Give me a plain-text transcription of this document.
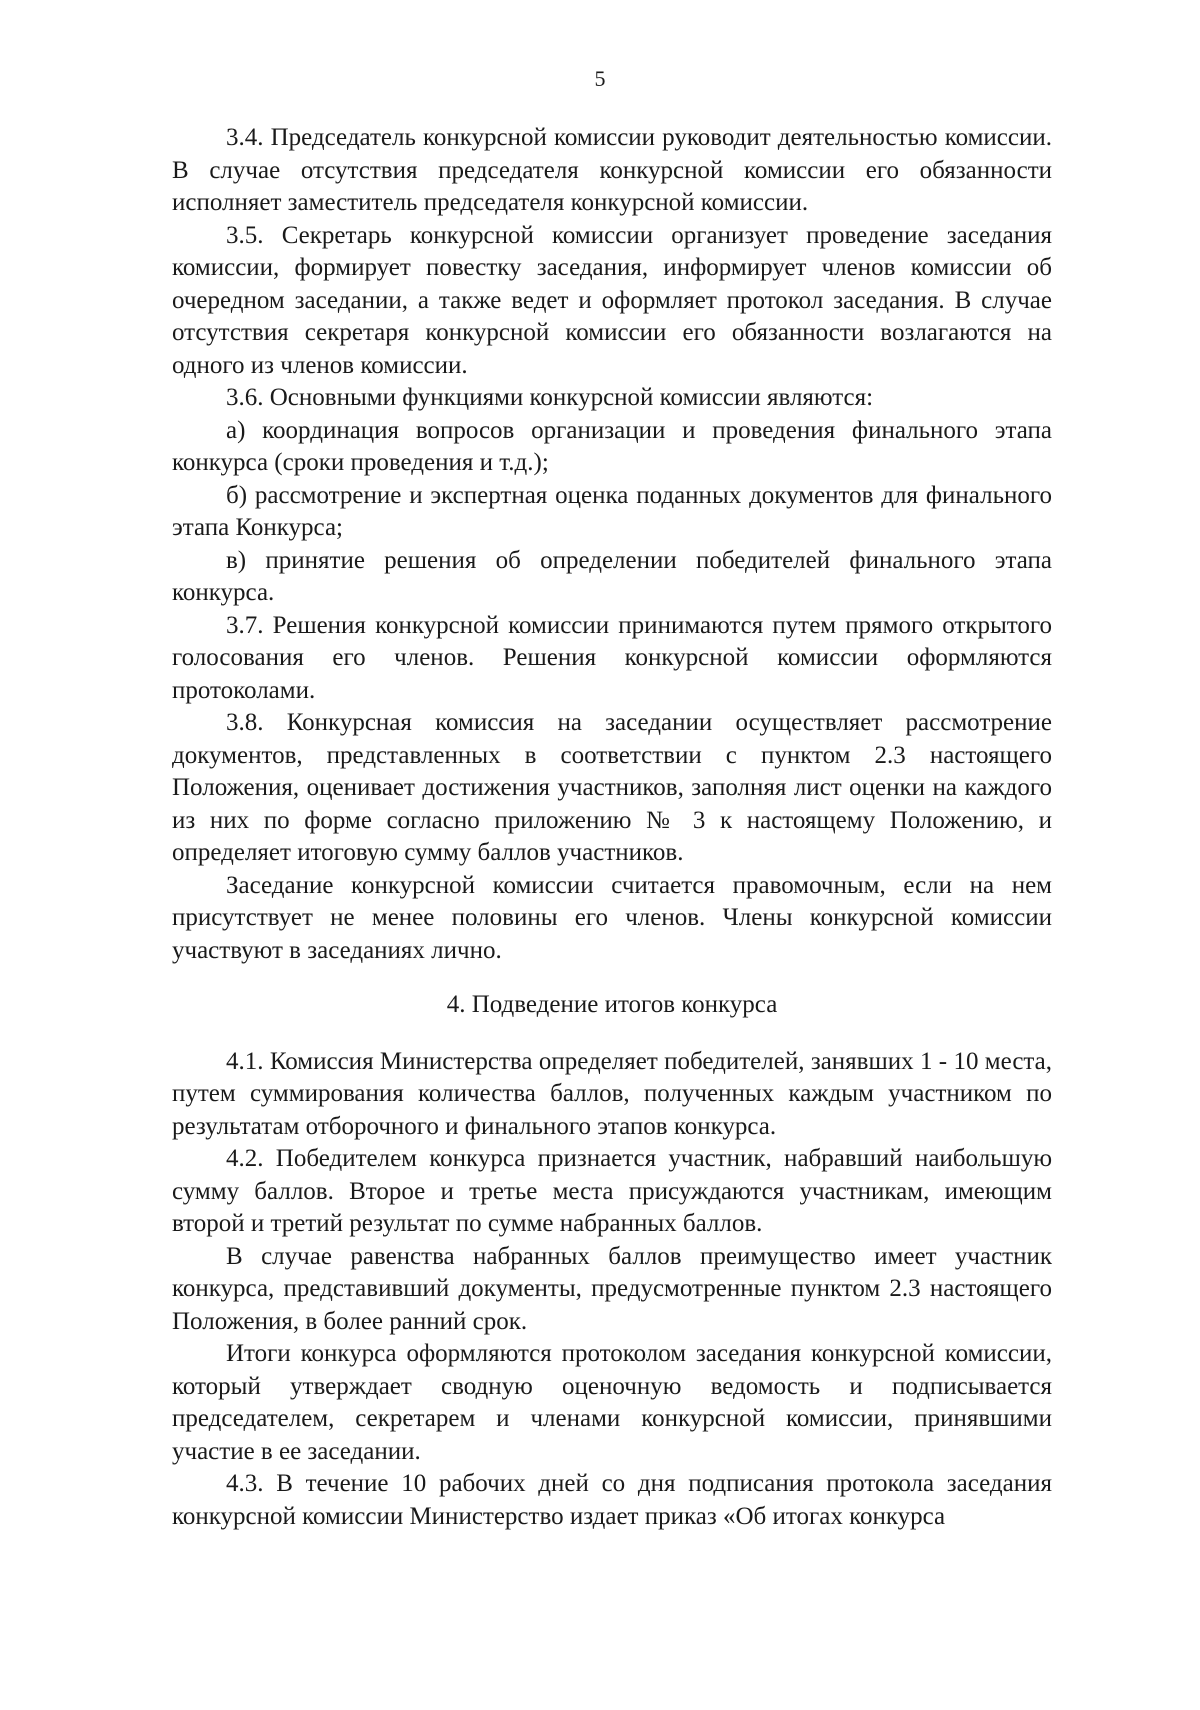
5

3.4. Председатель конкурсной комиссии руководит деятельностью комиссии. В случае отсутствия председателя конкурсной комиссии его обязанности исполняет заместитель председателя конкурсной комиссии.

3.5. Секретарь конкурсной комиссии организует проведение заседания комиссии, формирует повестку заседания, информирует членов комиссии об очередном заседании, а также ведет и оформляет протокол заседания. В случае отсутствия секретаря конкурсной комиссии его обязанности возлагаются на одного из членов комиссии.

3.6. Основными функциями конкурсной комиссии являются:

а) координация вопросов организации и проведения финального этапа конкурса (сроки проведения и т.д.);

б) рассмотрение и экспертная оценка поданных документов для финального этапа Конкурса;

в) принятие решения об определении победителей финального этапа конкурса.

3.7. Решения конкурсной комиссии принимаются путем прямого открытого голосования его членов. Решения конкурсной комиссии оформляются протоколами.

3.8. Конкурсная комиссия на заседании осуществляет рассмотрение документов, представленных в соответствии с пунктом 2.3 настоящего Положения, оценивает достижения участников, заполняя лист оценки на каждого из них по форме согласно приложению № 3 к настоящему Положению, и определяет итоговую сумму баллов участников.

Заседание конкурсной комиссии считается правомочным, если на нем присутствует не менее половины его членов. Члены конкурсной комиссии участвуют в заседаниях лично.

4. Подведение итогов конкурса

4.1. Комиссия Министерства определяет победителей, занявших 1 - 10 места, путем суммирования количества баллов, полученных каждым участником по результатам отборочного и финального этапов конкурса.

4.2. Победителем конкурса признается участник, набравший наибольшую сумму баллов. Второе и третье места присуждаются участникам, имеющим второй и третий результат по сумме набранных баллов.

В случае равенства набранных баллов преимущество имеет участник конкурса, представивший документы, предусмотренные пунктом 2.3 настоящего Положения, в более ранний срок.

Итоги конкурса оформляются протоколом заседания конкурсной комиссии, который утверждает сводную оценочную ведомость и подписывается председателем, секретарем и членами конкурсной комиссии, принявшими участие в ее заседании.

4.3. В течение 10 рабочих дней со дня подписания протокола заседания конкурсной комиссии Министерство издает приказ «Об итогах конкурса
